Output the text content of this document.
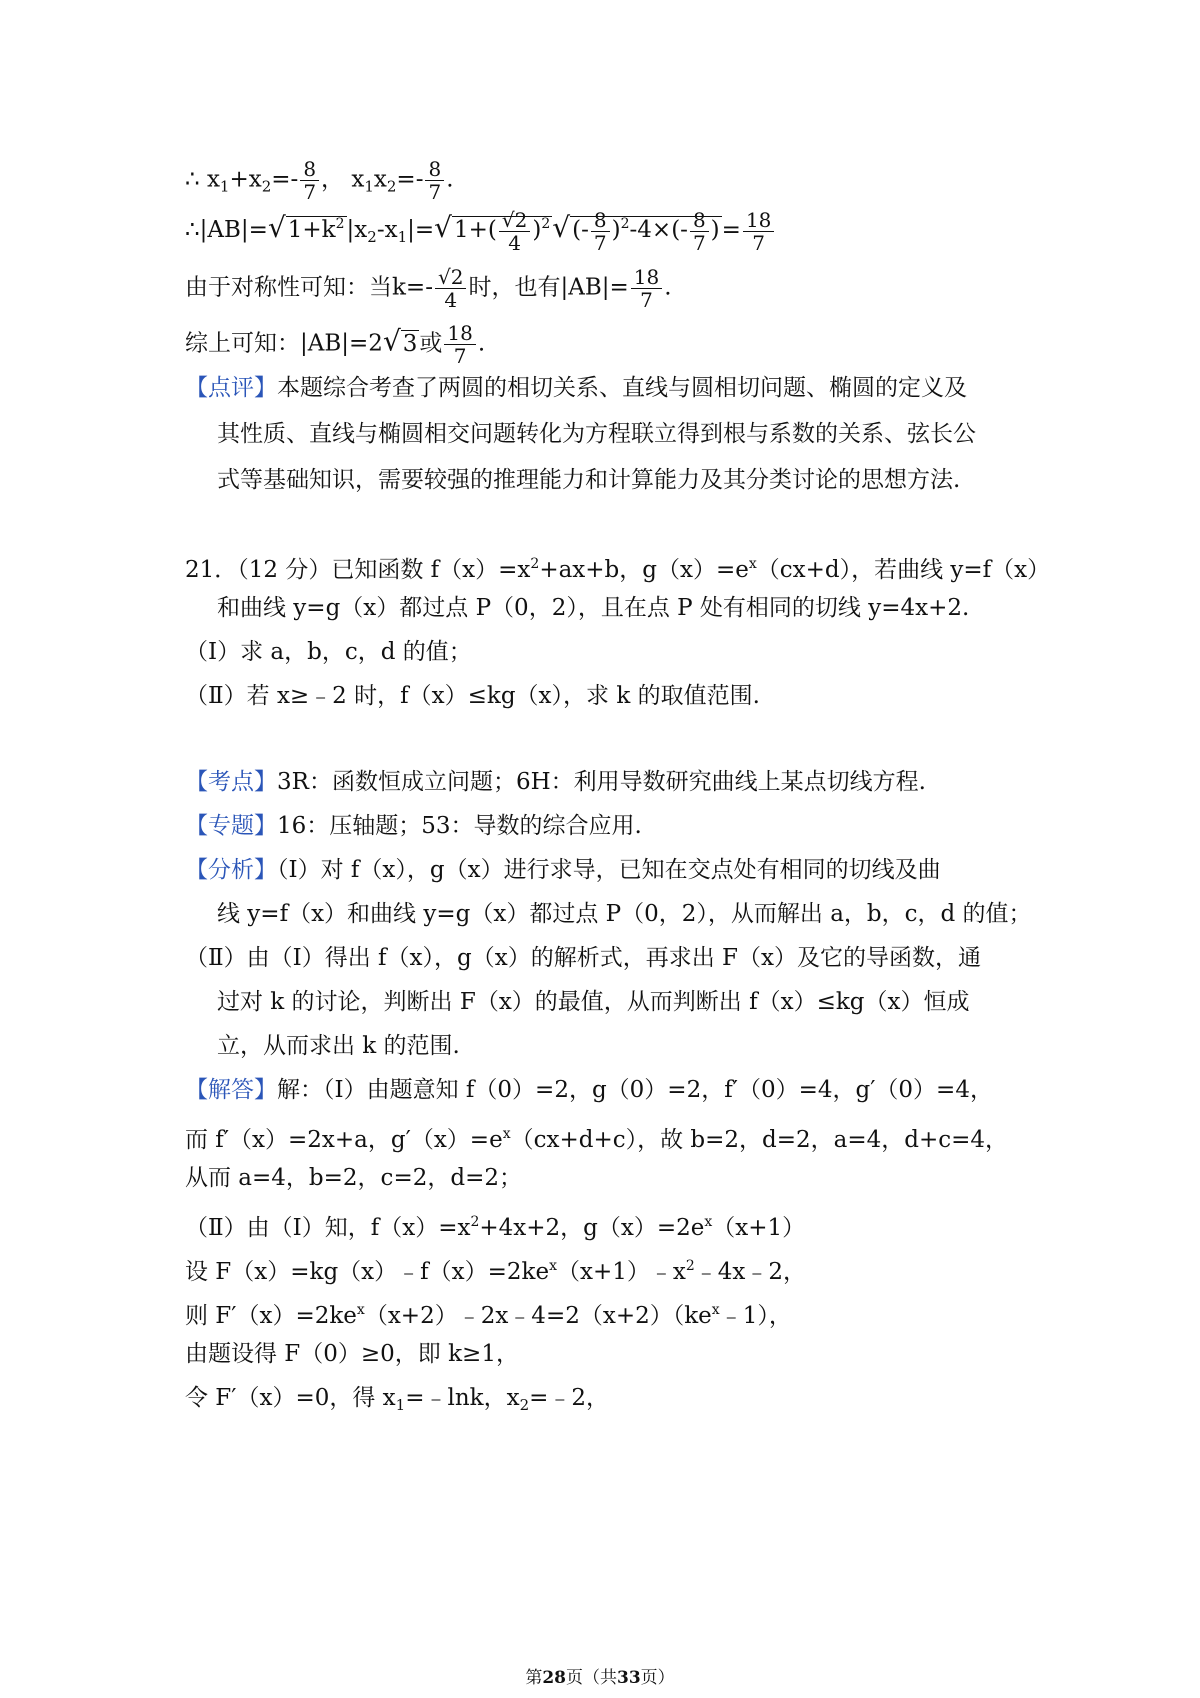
∴ $x_1+x_2=- \frac{8}{7}$ ， $x_1x_2=- \frac{8}{7}$ .
$\therefore|AB|=√1+k^2|x_2-x_1|=√1+( \frac{√2}{4} )^2√(- \frac{8}{7} )^2-4\times(- \frac{8}{7}$ )= $\frac{18}{7}$
由于对称性可知：当$k=- \frac{√2}{4}$ 时，也有$|AB|= \frac{18}{7}$ .
综上可知：|AB|=2√3或 $\frac{18}{7}$ .
【点评】本题综合考查了两圆的相切关系、直线与圆相切问题、椭圆的定义及
其性质、直线与椭圆相交问题转化为方程联立得到根与系数的关系、弦长公
式等基础知识，需要较强的推理能力和计算能力及其分类讨论的思想方法.
21．（12 分）已知函数 $f(x)=x^2+ax+b$，$g(x)=e^x(cx+d)$，若曲线 y=f（x）
和曲线 y=g（x）都过点 P（0，2），且在点 P 处有相同的切线 y=4x+2.
（Ⅰ）求 a，b，c，d 的值；
（Ⅱ）若 x≥﹣2 时，f（x）≤kg（x），求 k 的取值范围.
【考点】3R：函数恒成立问题；6H：利用导数研究曲线上某点切线方程.
【专题】16：压轴题；53：导数的综合应用.
【分析】（Ⅰ）对 f（x），g（x）进行求导，已知在交点处有相同的切线及曲
线 y=f（x）和曲线 y=g（x）都过点 P（0，2），从而解出 a，b，c，d 的值；
（Ⅱ）由（I）得出 f（x），g（x）的解析式，再求出 F（x）及它的导函数，通
过对 k 的讨论，判断出 F（x）的最值，从而判断出 f（x）≤kg（x）恒成
立，从而求出 k 的范围.
【解答】解：（Ⅰ）由题意知 f（0）=2，g（0）=2，f′（0）=4，g′（0）=4，
而 f′（x）=2x+a，$g'(x)=e^x(cx+d+c)$，故 b=2，d=2，a=4，d+c=4，
从而 a=4，b=2，c=2，d=2；
（Ⅱ）由（I）知，$f(x)=x^2+4x+2$，$g(x)=2e^x(x+1)$
设 $F(x)=kg(x)﹣f(x)=2ke^x(x+1)﹣x^2﹣4x﹣2$，
则 $F'(x)=2ke^x(x+2)﹣2x﹣4=2(x+2)(ke^x﹣1)$，
由题设得 F（0）≥0，即 k≥1，
令 F′（x）=0，得 $x_1=﹣\ln k$，$x_2=﹣2$，
第28页（共33页）
